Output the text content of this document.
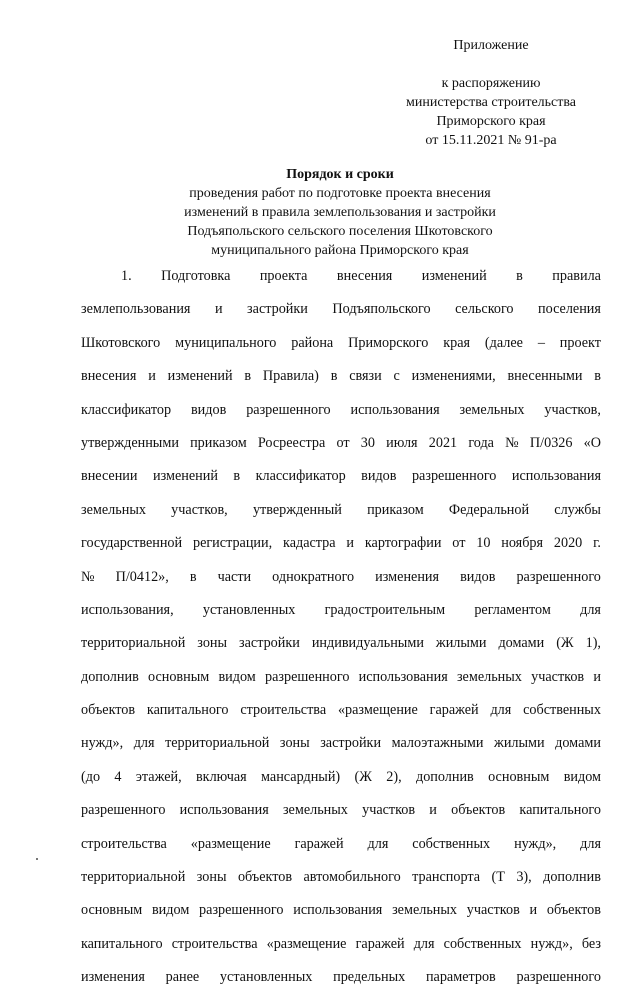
Приложение
к распоряжению
министерства строительства
Приморского края
от 15.11.2021 № 91-ра
Порядок и сроки
проведения работ по подготовке проекта внесения
изменений в правила землепользования и застройки
Подъяпольского сельского поселения Шкотовского
муниципального района Приморского края
1. Подготовка проекта внесения изменений в правила
землепользования и застройки Подъяпольского сельского поселения
Шкотовского муниципального района Приморского края (далее – проект
внесения и изменений в Правила) в связи с изменениями, внесенными в
классификатор видов разрешенного использования земельных участков,
утвержденными приказом Росреестра от 30 июля 2021 года № П/0326 «О
внесении изменений в классификатор видов разрешенного использования
земельных участков, утвержденный приказом Федеральной службы
государственной регистрации, кадастра и картографии от 10 ноября 2020 г.
№ П/0412», в части однократного изменения видов разрешенного
использования, установленных градостроительным регламентом для
территориальной зоны застройки индивидуальными жилыми домами (Ж 1),
дополнив основным видом разрешенного использования земельных участков и
объектов капитального строительства «размещение гаражей для собственных
нужд», для территориальной зоны застройки малоэтажными жилыми домами
(до 4 этажей, включая мансардный) (Ж 2), дополнив основным видом
разрешенного использования земельных участков и объектов капитального
строительства «размещение гаражей для собственных нужд», для
территориальной зоны объектов автомобильного транспорта (Т 3), дополнив
основным видом разрешенного использования земельных участков и объектов
капитального строительства «размещение гаражей для собственных нужд», без
изменения ранее установленных предельных параметров разрешенного
